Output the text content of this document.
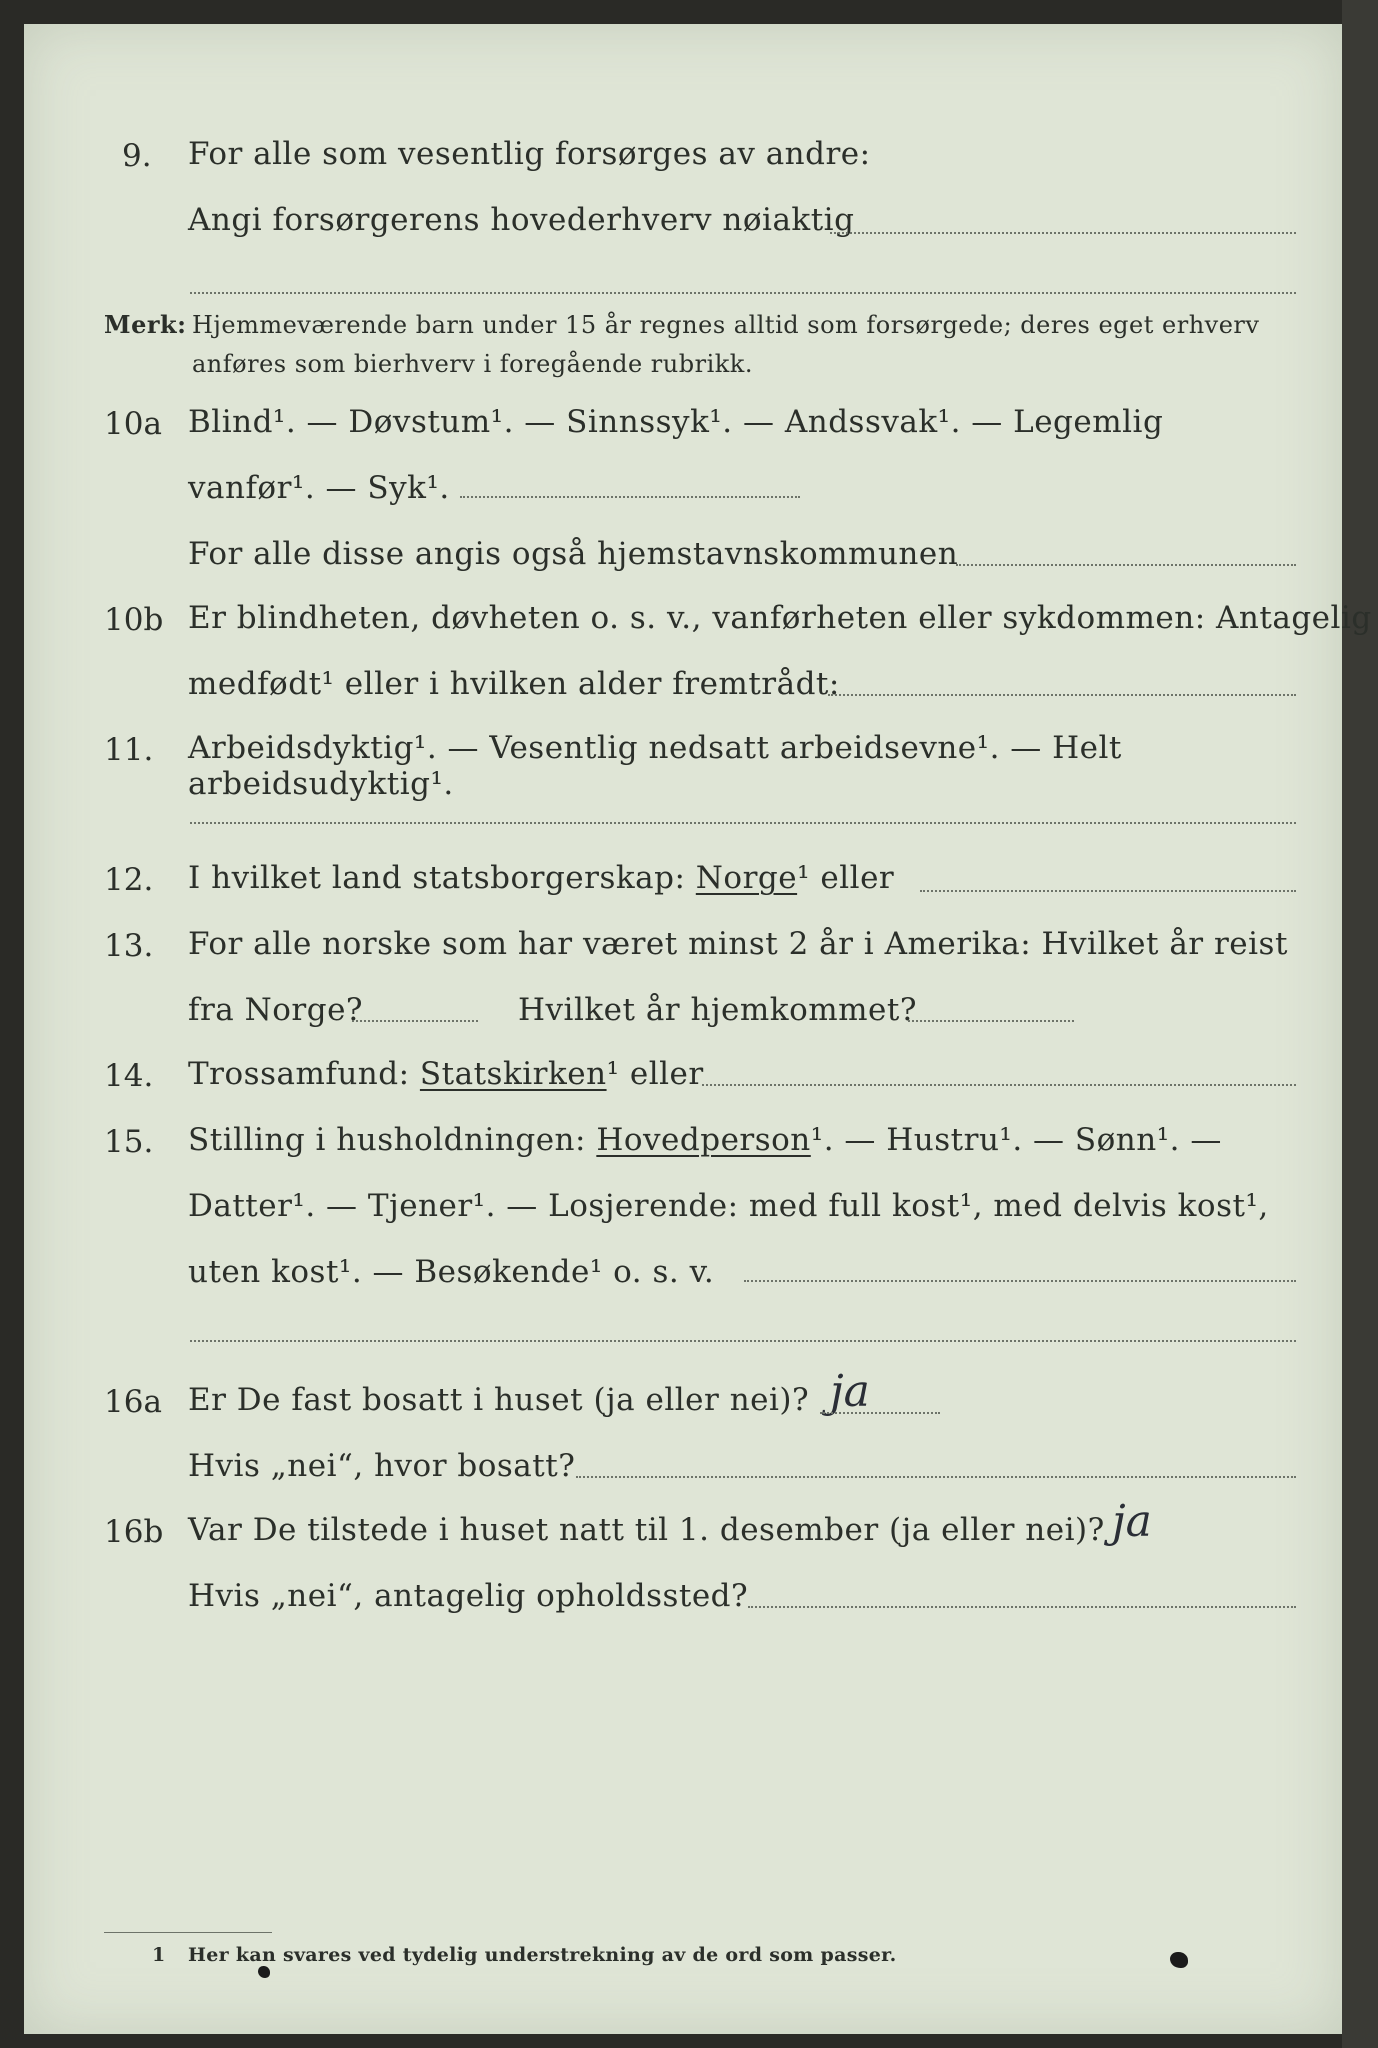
9. For alle som vesentlig forsørges av andre:
Angi forsørgerens hovederhverv nøiaktig
Merk: Hjemmeværende barn under 15 år regnes alltid som forsørgede; deres eget erhverv
anføres som bierhverv i foregående rubrikk.
10a Blind¹. — Døvstum¹. — Sinnssyk¹. — Andssvak¹. — Legemlig
vanfør¹. — Syk¹.
For alle disse angis også hjemstavnskommunen
10b Er blindheten, døvheten o. s. v., vanførheten eller sykdommen: Antagelig
medfødt¹ eller i hvilken alder fremtrådt:
11. Arbeidsdyktig¹. — Vesentlig nedsatt arbeidsevne¹. — Helt arbeidsudyktig¹.
12. I hvilket land statsborgerskap: Norge¹ eller
13. For alle norske som har været minst 2 år i Amerika: Hvilket år reist
fra Norge?	Hvilket år hjemkommet?
14. Trossamfund: Statskirken¹ eller
15. Stilling i husholdningen: Hovedperson¹. — Hustru¹. — Sønn¹. —
Datter¹. — Tjener¹. — Losjerende: med full kost¹, med delvis kost¹,
uten kost¹. — Besøkende¹ o. s. v.
16a Er De fast bosatt i huset (ja eller nei)? ja
Hvis „nei“, hvor bosatt?
16b Var De tilstede i huset natt til 1. desember (ja eller nei)? ja
Hvis „nei“, antagelig opholdssted?
1 Her kan svares ved tydelig understrekning av de ord som passer.
